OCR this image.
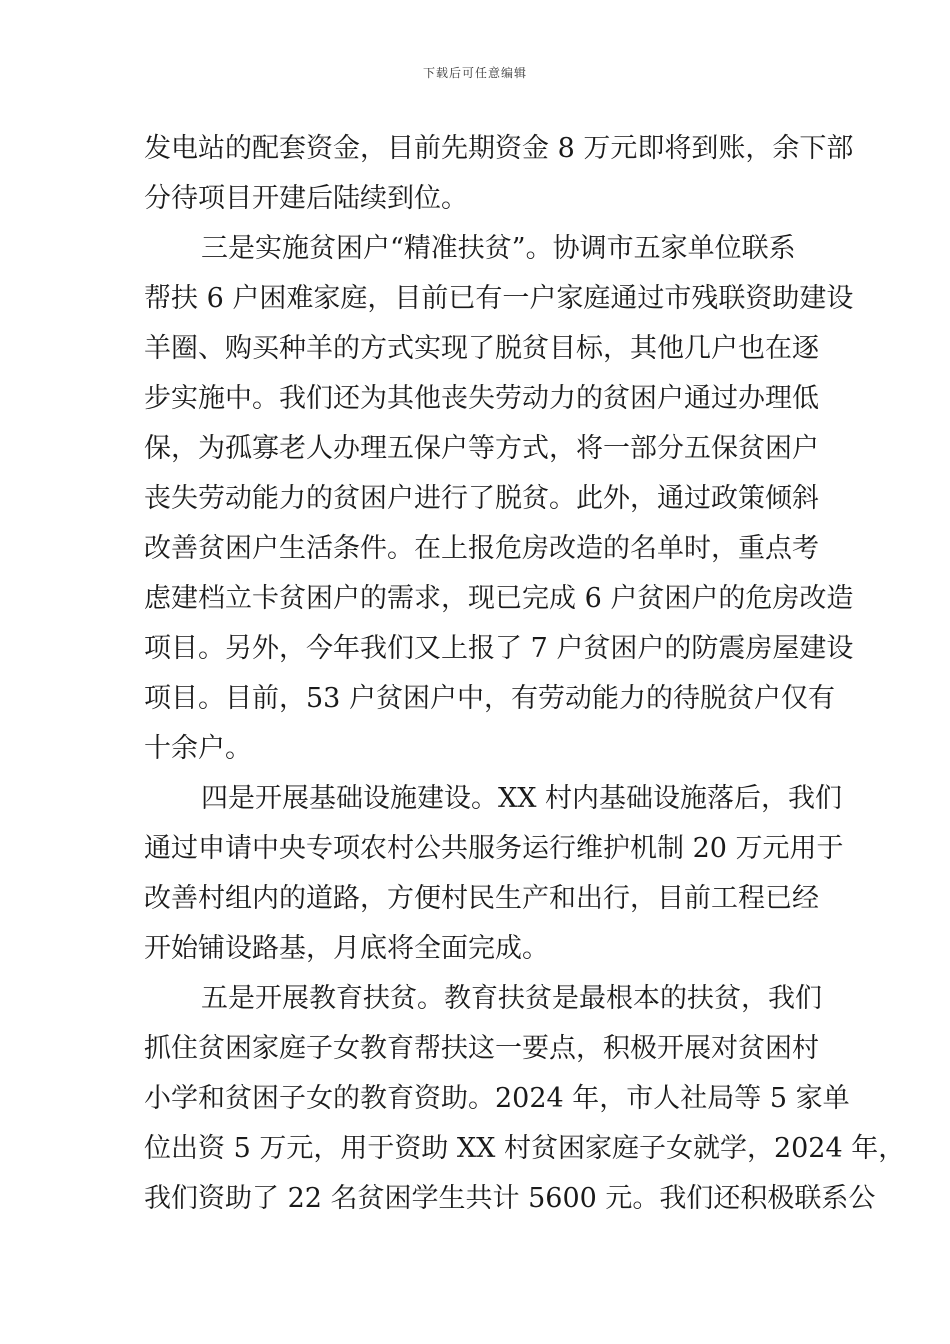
下载后可任意编辑
发电站的配套资金，目前先期资金 8 万元即将到账，余下部
分待项目开建后陆续到位。
三是实施贫困户“精准扶贫”。协调市五家单位联系
帮扶 6 户困难家庭，目前已有一户家庭通过市残联资助建设
羊圈、购买种羊的方式实现了脱贫目标，其他几户也在逐
步实施中。我们还为其他丧失劳动力的贫困户通过办理低
保，为孤寡老人办理五保户等方式，将一部分五保贫困户
丧失劳动能力的贫困户进行了脱贫。此外，通过政策倾斜
改善贫困户生活条件。在上报危房改造的名单时，重点考
虑建档立卡贫困户的需求，现已完成 6 户贫困户的危房改造
项目。另外，今年我们又上报了 7 户贫困户的防震房屋建设
项目。目前，53 户贫困户中，有劳动能力的待脱贫户仅有
十余户。
四是开展基础设施建设。XX 村内基础设施落后，我们
通过申请中央专项农村公共服务运行维护机制 20 万元用于
改善村组内的道路，方便村民生产和出行，目前工程已经
开始铺设路基，月底将全面完成。
五是开展教育扶贫。教育扶贫是最根本的扶贫，我们
抓住贫困家庭子女教育帮扶这一要点，积极开展对贫困村
小学和贫困子女的教育资助。2024 年，市人社局等 5 家单
位出资 5 万元，用于资助 XX 村贫困家庭子女就学，2024 年，
我们资助了 22 名贫困学生共计 5600 元。我们还积极联系公
